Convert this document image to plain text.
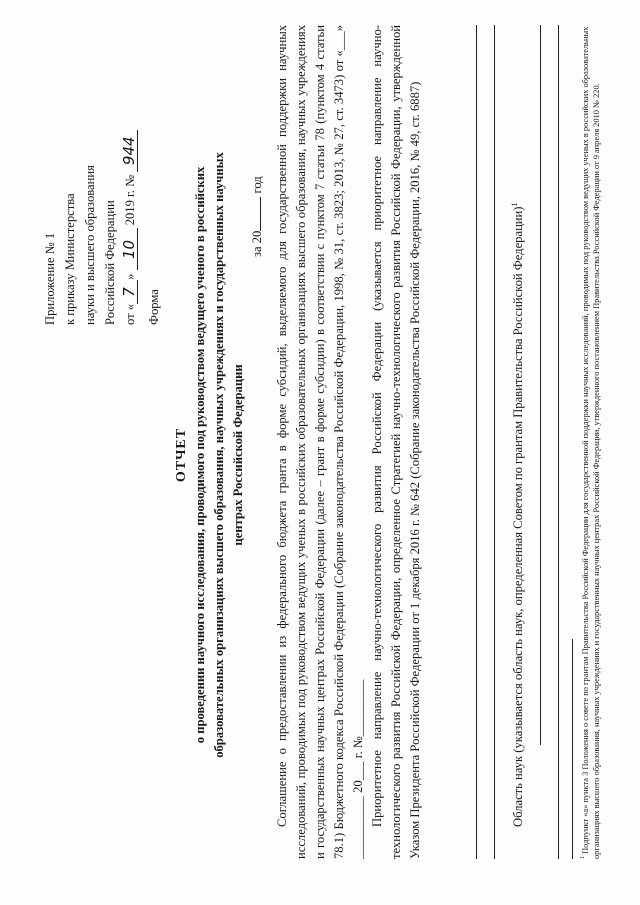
Приложение № 1 к приказу Министерства науки и высшего образования Российской Федерации от «7» 10 2019 г. № 944
Форма
ОТЧЕТ о проведении научного исследования, проводимого под руководством ведущего ученого в российских образовательных организациях высшего образования, научных учреждениях и государственных научных центрах Российской Федерации
за 20 год Соглашение о предоставлении из федерального бюджета гранта в форме субсидий, выделяемого для государственной поддержки научных исследований, проводимых под руководством ведущих ученых в российских образовательных организациях высшего образования, научных учреждениях и государственных научных центрах Российской Федерации (далее – грант в форме субсидии) в соответствии с пунктом 7 статьи 78 (пунктом 4 статьи 78.1) Бюджетного кодекса Российской Федерации (Собрание законодательства Российской Федерации, 1998, № 31, ст. 3823; 2013, № 27, ст. 3473) от «___» __________ 20___ г. №_________ Приоритетное направление научно-технологического развития Российской Федерации (указывается приоритетное направление научно-технологического развития Российской Федерации, определенное Стратегией научно-технологического развития Российской Федерации, утвержденной Указом Президента Российской Федерации от 1 декабря 2016 г. № 642 (Собрание законодательства Российской Федерации, 2016, № 49, ст. 6887)	Область наук (указывается область наук, определенная Советом по грантам Правительства Российской Федерации)$^1$

$^1$ Подпункт «а» пункта 3 Положения о совете по грантам Правительства Российской Федерации для государственной поддержки научных исследований, проводимых под руководством ведущих ученых в российских образовательных организациях высшего образования, научных учреждениях и государственных научных центрах Российской Федерации, утвержденного постановлением Правительства Российской Федерации от 9 апреля 2010 № 220.
